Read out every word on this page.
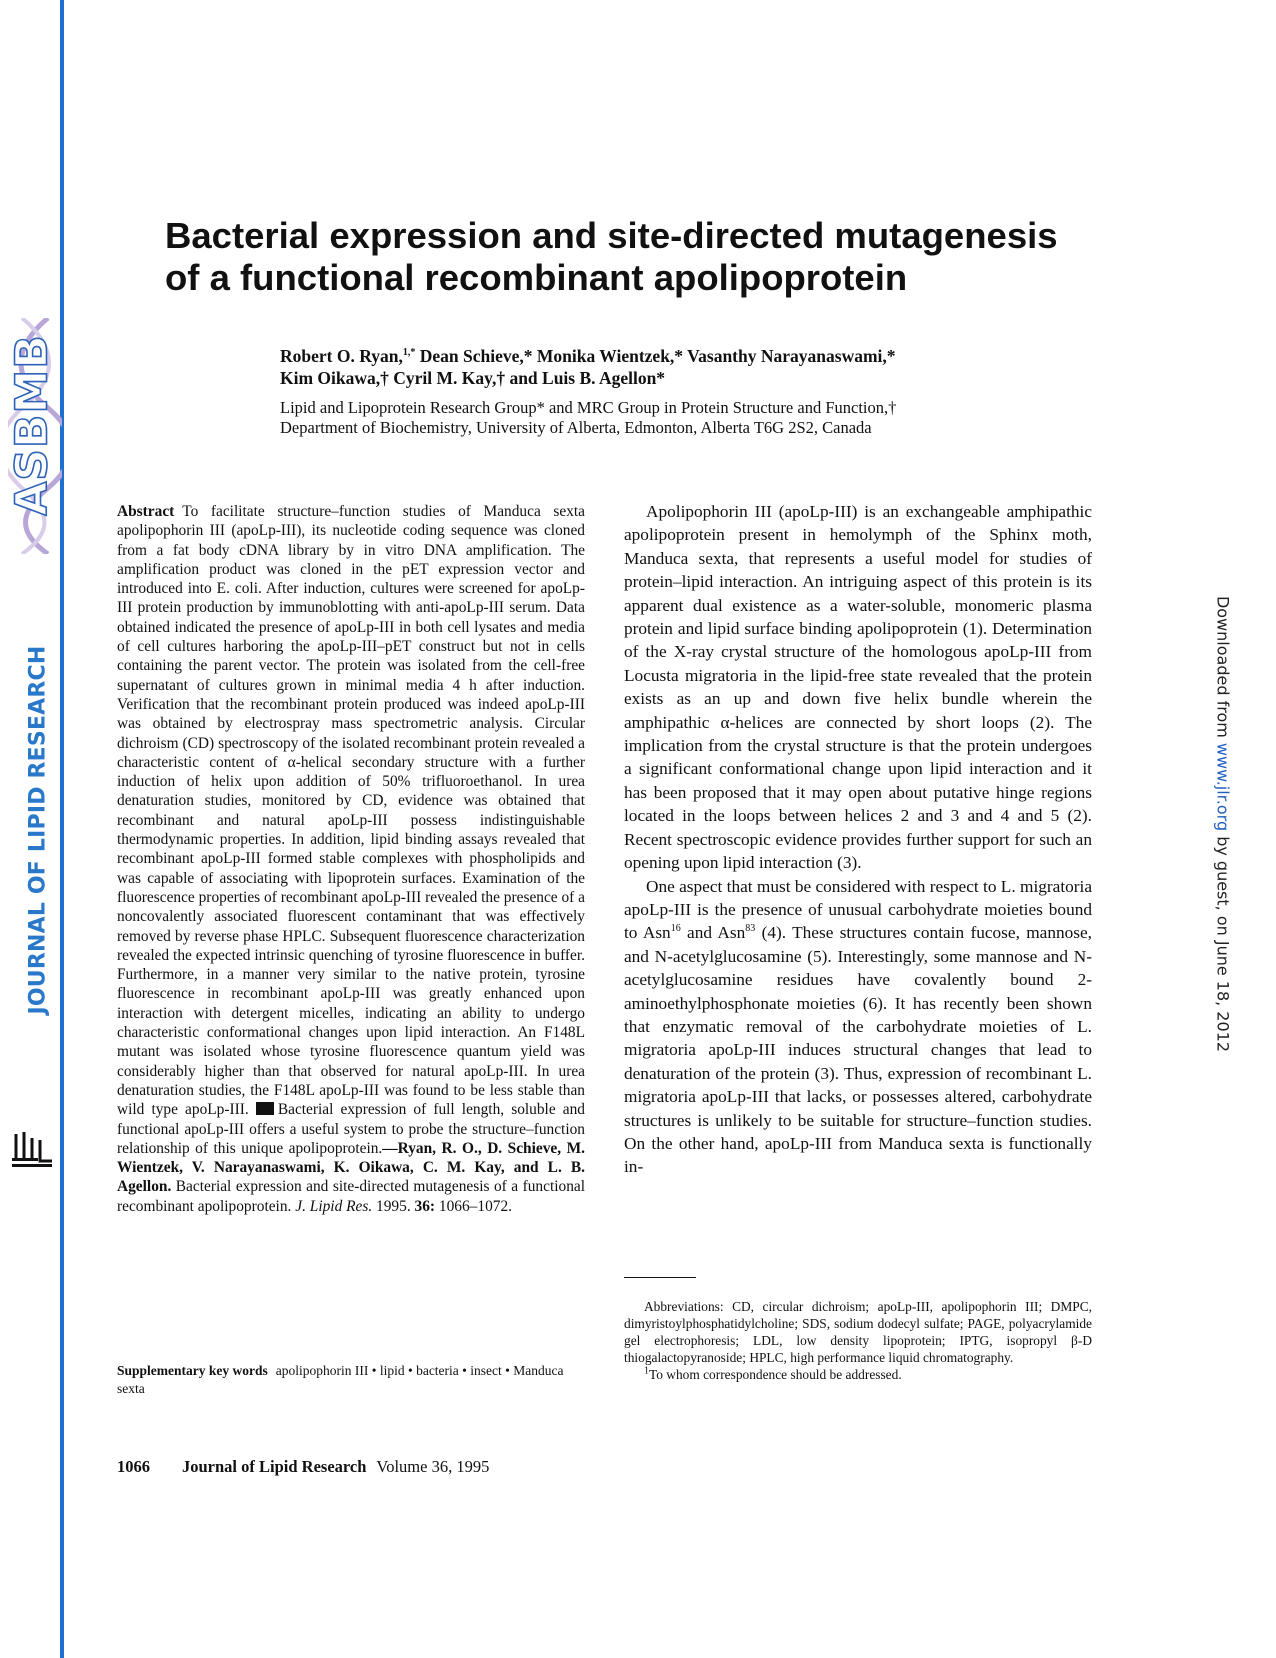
ASBMB
JOURNAL OF LIPID RESEARCH	Downloaded from www.jlr.org by guest, on June 18, 2012
Bacterial expression and site-directed mutagenesis
of a functional recombinant apolipoprotein

Robert O. Ryan,$^{1,*}$ Dean Schieve,* Monika Wientzek,* Vasanthy Narayanaswami,*
Kim Oikawa,† Cyril M. Kay,† and Luis B. Agellon*

Lipid and Lipoprotein Research Group* and MRC Group in Protein Structure and Function,†
Department of Biochemistry, University of Alberta, Edmonton, Alberta T6G 2S2, Canada

Abstract To facilitate structure–function studies of Manduca sexta apolipophorin III (apoLp-III), its nucleotide coding sequence was cloned from a fat body cDNA library by in vitro DNA amplification. The amplification product was cloned in the pET expression vector and introduced into E. coli. After induction, cultures were screened for apoLp-III protein production by immunoblotting with anti-apoLp-III serum. Data obtained indicated the presence of apoLp-III in both cell lysates and media of cell cultures harboring the apoLp-III–pET construct but not in cells containing the parent vector. The protein was isolated from the cell-free supernatant of cultures grown in minimal media 4 h after induction. Verification that the recombinant protein produced was indeed apoLp-III was obtained by electrospray mass spectrometric analysis. Circular dichroism (CD) spectroscopy of the isolated recombinant protein revealed a characteristic content of α-helical secondary structure with a further induction of helix upon addition of 50% trifluoroethanol. In urea denaturation studies, monitored by CD, evidence was obtained that recombinant and natural apoLp-III possess indistinguishable thermodynamic properties. In addition, lipid binding assays revealed that recombinant apoLp-III formed stable complexes with phospholipids and was capable of associating with lipoprotein surfaces. Examination of the fluorescence properties of recombinant apoLp-III revealed the presence of a noncovalently associated fluorescent contaminant that was effectively removed by reverse phase HPLC. Subsequent fluorescence characterization revealed the expected intrinsic quenching of tyrosine fluorescence in buffer. Furthermore, in a manner very similar to the native protein, tyrosine fluorescence in recombinant apoLp-III was greatly enhanced upon interaction with detergent micelles, indicating an ability to undergo characteristic conformational changes upon lipid interaction. An F148L mutant was isolated whose tyrosine fluorescence quantum yield was considerably higher than that observed for natural apoLp-III. In urea denaturation studies, the F148L apoLp-III was found to be less stable than wild type apoLp-III. Bacterial expression of full length, soluble and functional apoLp-III offers a useful system to probe the structure–function relationship of this unique apolipoprotein.—Ryan, R. O., D. Schieve, M. Wientzek, V. Narayanaswami, K. Oikawa, C. M. Kay, and L. B. Agellon. Bacterial expression and site-directed mutagenesis of a functional recombinant apolipoprotein. J. Lipid Res. 1995. 36: 1066–1072.

Supplementary key words apolipophorin III • lipid • bacteria • insect • Manduca sexta

Apolipophorin III (apoLp-III) is an exchangeable amphipathic apolipoprotein present in hemolymph of the Sphinx moth, Manduca sexta, that represents a useful model for studies of protein–lipid interaction. An intriguing aspect of this protein is its apparent dual existence as a water-soluble, monomeric plasma protein and lipid surface binding apolipoprotein (1). Determination of the X-ray crystal structure of the homologous apoLp-III from Locusta migratoria in the lipid-free state revealed that the protein exists as an up and down five helix bundle wherein the amphipathic α-helices are connected by short loops (2). The implication from the crystal structure is that the protein undergoes a significant conformational change upon lipid interaction and it has been proposed that it may open about putative hinge regions located in the loops between helices 2 and 3 and 4 and 5 (2). Recent spectroscopic evidence provides further support for such an opening upon lipid interaction (3).

One aspect that must be considered with respect to L. migratoria apoLp-III is the presence of unusual carbohydrate moieties bound to Asn$^{16}$ and Asn$^{83}$ (4). These structures contain fucose, mannose, and N-acetylglucosamine (5). Interestingly, some mannose and N-acetylglucosamine residues have covalently bound 2-aminoethylphosphonate moieties (6). It has recently been shown that enzymatic removal of the carbohydrate moieties of L. migratoria apoLp-III induces structural changes that lead to denaturation of the protein (3). Thus, expression of recombinant L. migratoria apoLp-III that lacks, or possesses altered, carbohydrate structures is unlikely to be suitable for structure–function studies. On the other hand, apoLp-III from Manduca sexta is functionally in-

Abbreviations: CD, circular dichroism; apoLp-III, apolipophorin III; DMPC, dimyristoylphosphatidylcholine; SDS, sodium dodecyl sulfate; PAGE, polyacrylamide gel electrophoresis; LDL, low density lipoprotein; IPTG, isopropyl β-D thiogalactopyranoside; HPLC, high performance liquid chromatography.

$^1$To whom correspondence should be addressed.

1066 Journal of Lipid Research Volume 36, 1995
